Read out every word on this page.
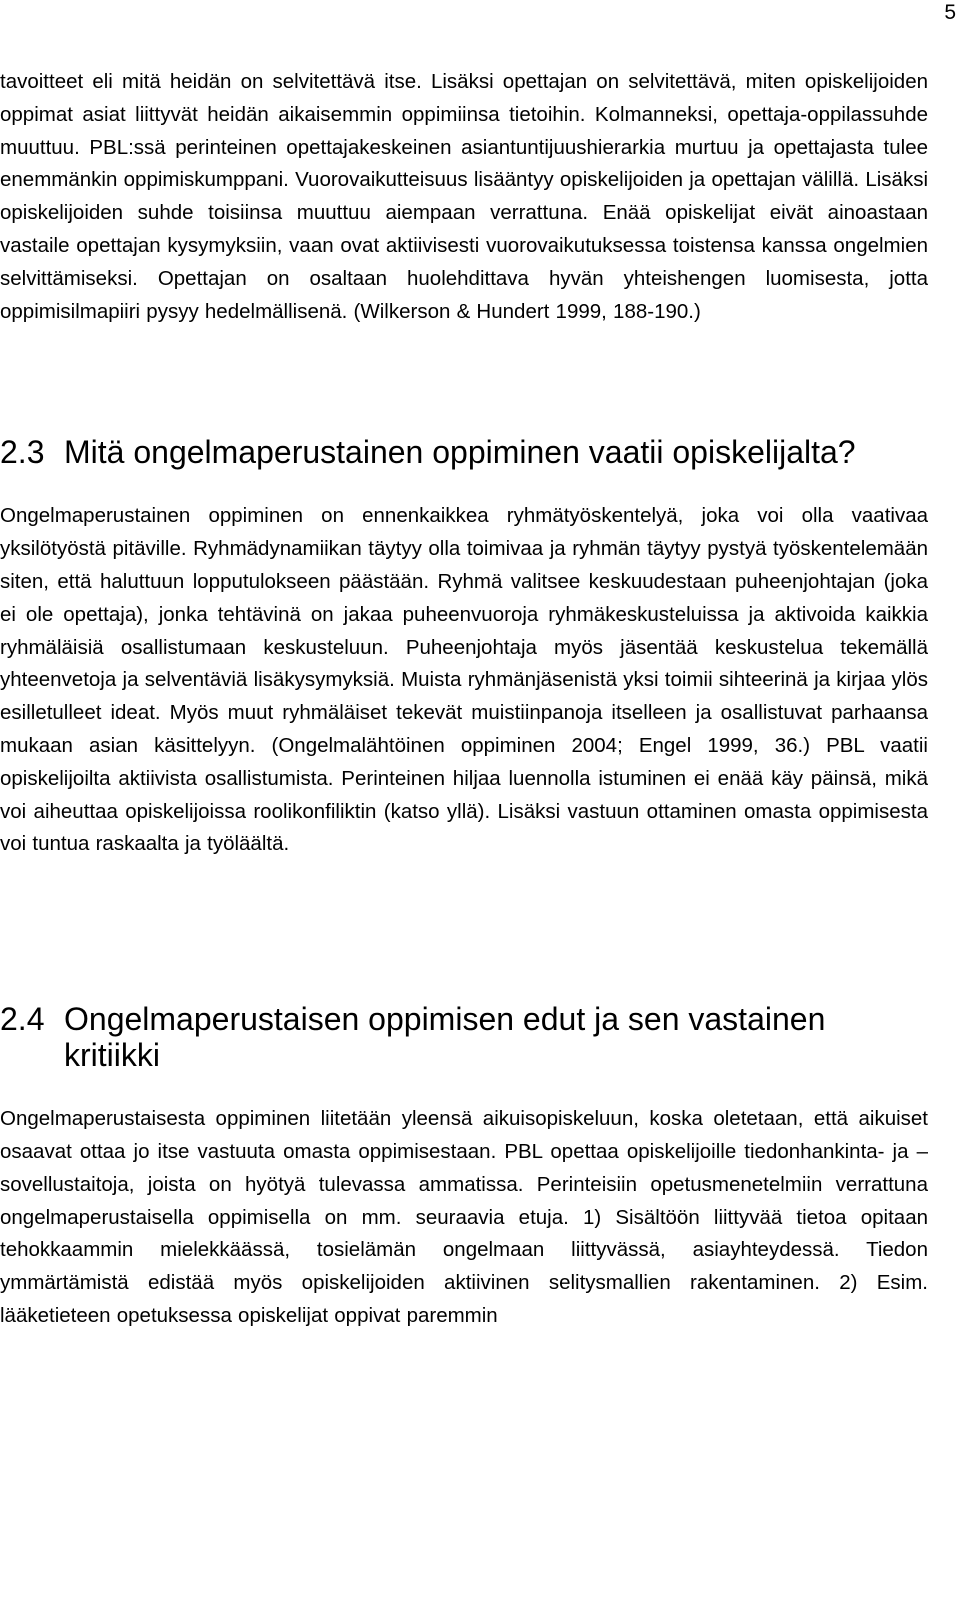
5

tavoitteet eli mitä heidän on selvitettävä itse. Lisäksi opettajan on selvitettävä, miten opiskelijoiden oppimat asiat liittyvät heidän aikaisemmin oppimiinsa tietoihin. Kolmanneksi, opettaja-oppilassuhde muuttuu. PBL:ssä perinteinen opettajakeskeinen asiantuntijuushierarkia murtuu ja opettajasta tulee enemmänkin oppimiskumppani. Vuorovaikutteisuus lisääntyy opiskelijoiden ja opettajan välillä. Lisäksi opiskelijoiden suhde toisiinsa muuttuu aiempaan verrattuna. Enää opiskelijat eivät ainoastaan vastaile opettajan kysymyksiin, vaan ovat aktiivisesti vuorovaikutuksessa toistensa kanssa ongelmien selvittämiseksi. Opettajan on osaltaan huolehdittava hyvän yhteishengen luomisesta, jotta oppimisilmapiiri pysyy hedelmällisenä. (Wilkerson & Hundert 1999, 188-190.)

2.3 Mitä ongelmaperustainen oppiminen vaatii opiskelijalta?

Ongelmaperustainen oppiminen on ennenkaikkea ryhmätyöskentelyä, joka voi olla vaativaa yksilötyöstä pitäville. Ryhmädynamiikan täytyy olla toimivaa ja ryhmän täytyy pystyä työskentelemään siten, että haluttuun lopputulokseen päästään. Ryhmä valitsee keskuudestaan puheenjohtajan (joka ei ole opettaja), jonka tehtävinä on jakaa puheenvuoroja ryhmäkeskusteluissa ja aktivoida kaikkia ryhmäläisiä osallistumaan keskusteluun. Puheenjohtaja myös jäsentää keskustelua tekemällä yhteenvetoja ja selventäviä lisäkysymyksiä. Muista ryhmänjäsenistä yksi toimii sihteerinä ja kirjaa ylös esilletulleet ideat. Myös muut ryhmäläiset tekevät muistiinpanoja itselleen ja osallistuvat parhaansa mukaan asian käsittelyyn. (Ongelmalähtöinen oppiminen 2004; Engel 1999, 36.) PBL vaatii opiskelijoilta aktiivista osallistumista. Perinteinen hiljaa luennolla istuminen ei enää käy päinsä, mikä voi aiheuttaa opiskelijoissa roolikonfiliktin (katso yllä). Lisäksi vastuun ottaminen omasta oppimisesta voi tuntua raskaalta ja työläältä.

2.4 Ongelmaperustaisen oppimisen edut ja sen vastainen kritiikki

Ongelmaperustaisesta oppiminen liitetään yleensä aikuisopiskeluun, koska oletetaan, että aikuiset osaavat ottaa jo itse vastuuta omasta oppimisestaan. PBL opettaa opiskelijoille tiedonhankinta- ja –sovellustaitoja, joista on hyötyä tulevassa ammatissa. Perinteisiin opetusmenetelmiin verrattuna ongelmaperustaisella oppimisella on mm. seuraavia etuja. 1) Sisältöön liittyvää tietoa opitaan tehokkaammin mielekkäässä, tosielämän ongelmaan liittyvässä, asiayhteydessä. Tiedon ymmärtämistä edistää myös opiskelijoiden aktiivinen selitysmallien rakentaminen. 2) Esim. lääketieteen opetuksessa opiskelijat oppivat paremmin
